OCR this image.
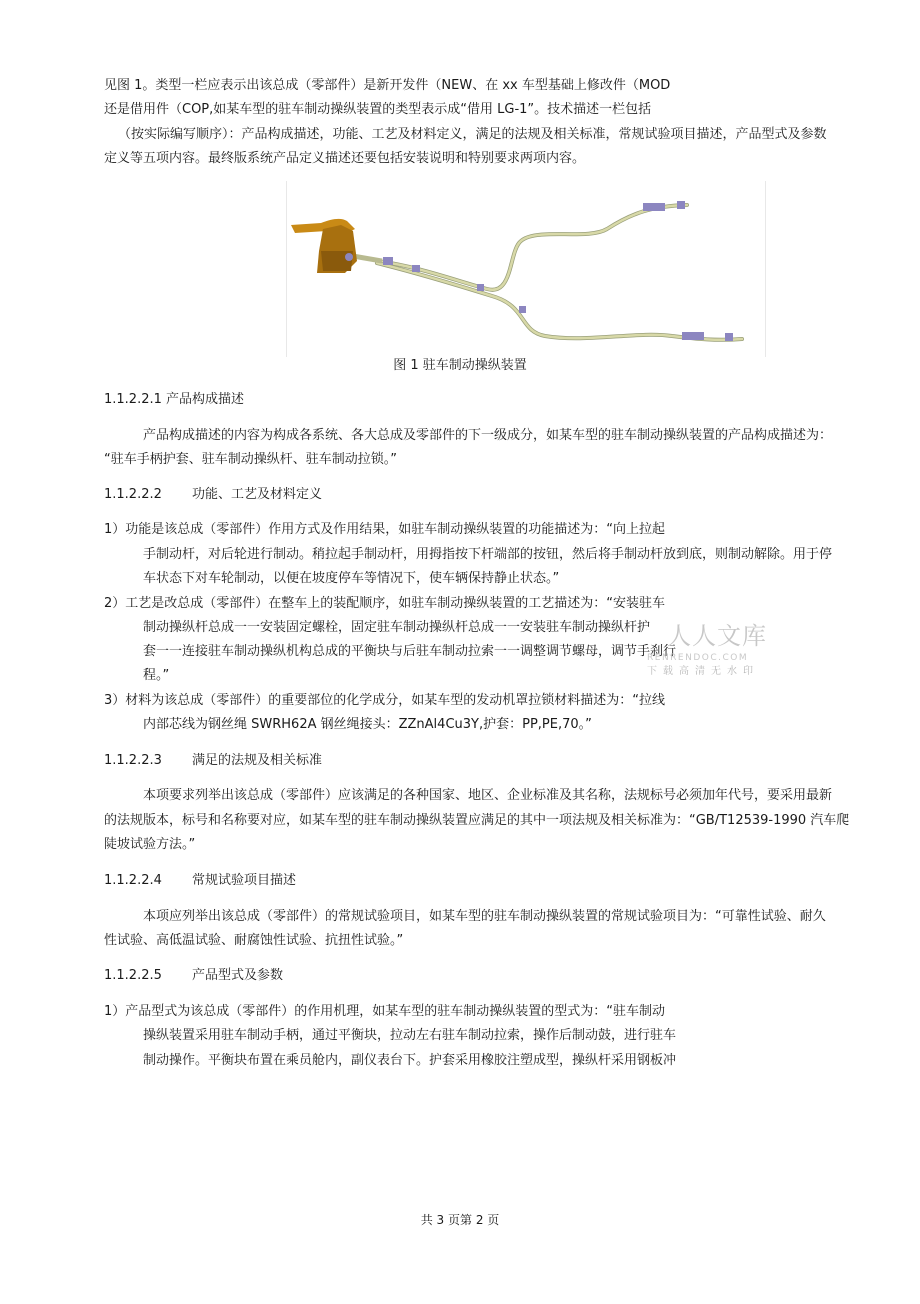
见图 1。类型一栏应表示出该总成（零部件）是新开发件（NEW、在 xx 车型基础上修改件（MOD
还是借用件（COP,如某车型的驻车制动操纵装置的类型表示成“借用 LG-1”。技术描述一栏包括
（按实际编写顺序）：产品构成描述，功能、工艺及材料定义，满足的法规及相关标准，常规试验项目描述，产品型式及参数
定义等五项内容。最终版系统产品定义描述还要包括安装说明和特别要求两项内容。
图 1 驻车制动操纵装置
1.1.2.2.1 产品构成描述
产品构成描述的内容为构成各系统、各大总成及零部件的下一级成分，如某车型的驻车制动操纵装置的产品构成描述为：
“驻车手柄护套、驻车制动操纵杆、驻车制动拉锁。”
1.1.2.2.2 功能、工艺及材料定义
1）功能是该总成（零部件）作用方式及作用结果，如驻车制动操纵装置的功能描述为：“向上拉起
手制动杆，对后轮进行制动。稍拉起手制动杆，用拇指按下杆端部的按钮，然后将手制动杆放到底，则制动解除。用于停
车状态下对车轮制动，以便在坡度停车等情况下，使车辆保持静止状态。”
2）工艺是改总成（零部件）在整车上的装配顺序，如驻车制动操纵装置的工艺描述为：“安装驻车
制动操纵杆总成一一安装固定螺栓，固定驻车制动操纵杆总成一一安装驻车制动操纵杆护
套一一连接驻车制动操纵机构总成的平衡块与后驻车制动拉索一一调整调节螺母，调节手刹行
程。”
3）材料为该总成（零部件）的重要部位的化学成分，如某车型的发动机罩拉锁材料描述为：“拉线
内部芯线为钢丝绳 SWRH62A 钢丝绳接头：ZZnAl4Cu3Y,护套：PP,PE,70。”
人人文库
RENRENDOC.COM
下载高清无水印
1.1.2.2.3 满足的法规及相关标准
本项要求列举出该总成（零部件）应该满足的各种国家、地区、企业标准及其名称，法规标号必须加年代号，要采用最新
的法规版本，标号和名称要对应，如某车型的驻车制动操纵装置应满足的其中一项法规及相关标准为：“GB/T12539-1990 汽车爬
陡坡试验方法。”
1.1.2.2.4 常规试验项目描述
本项应列举出该总成（零部件）的常规试验项目，如某车型的驻车制动操纵装置的常规试验项目为：“可靠性试验、耐久
性试验、高低温试验、耐腐蚀性试验、抗扭性试验。”
1.1.2.2.5 产品型式及参数
1）产品型式为该总成（零部件）的作用机理，如某车型的驻车制动操纵装置的型式为：“驻车制动
操纵装置采用驻车制动手柄，通过平衡块，拉动左右驻车制动拉索，操作后制动鼓，进行驻车
制动操作。平衡块布置在乘员舱内，副仪表台下。护套采用橡胶注塑成型，操纵杆采用钢板冲
共 3 页第 2 页
